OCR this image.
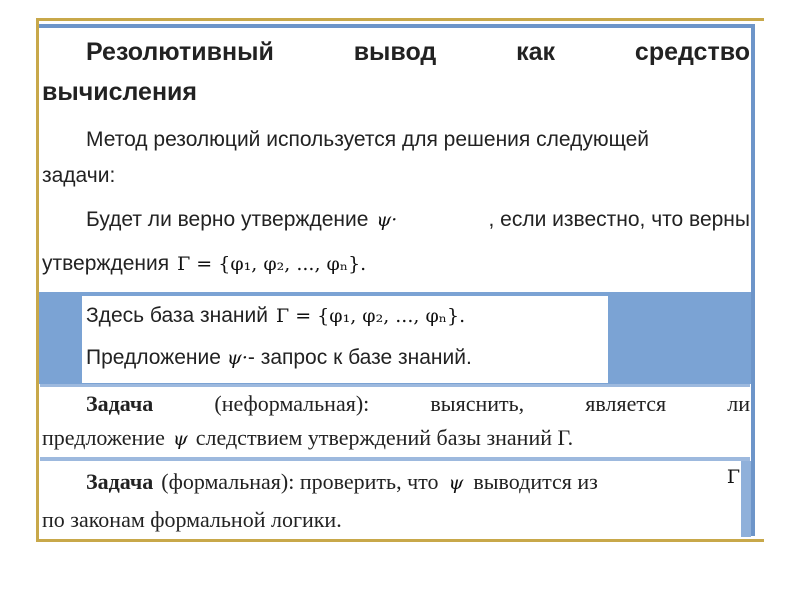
Резолютивный	вывод	как	средство
вычисления
Метод резолюций используется для решения следующей
задачи:
Будет ли верно утверждение ψ·	, если известно, что верны
утверждения Γ = {φ₁, φ₂, ..., φₙ}.
Здесь база знаний Γ = {φ₁, φ₂, ..., φₙ}.
Предложение ψ· - запрос к базе знаний.
Задача	(неформальная):	выяснить,	является	ли
предложение ψ следствием утверждений базы знаний Γ.
Задача (формальная): проверить, что ψ выводится из	Γ
по законам формальной логики.
